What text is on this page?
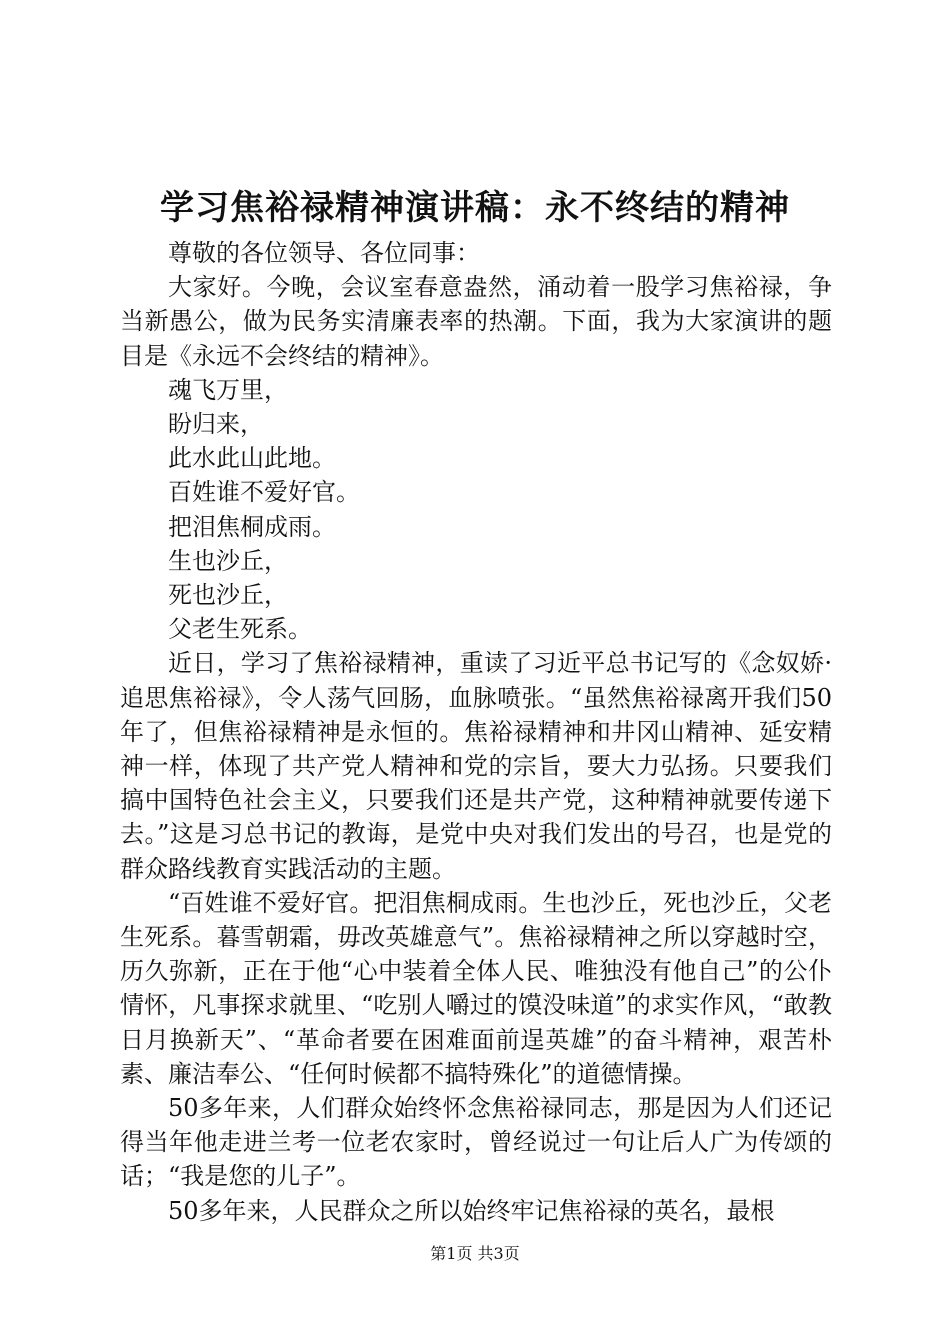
学习焦裕禄精神演讲稿：永不终结的精神

尊敬的各位领导、各位同事：

大家好。今晚，会议室春意盎然，涌动着一股学习焦裕禄，争当新愚公，做为民务实清廉表率的热潮。下面，我为大家演讲的题目是《永远不会终结的精神》。

魂飞万里，

盼归来，

此水此山此地。

百姓谁不爱好官。

把泪焦桐成雨。

生也沙丘，

死也沙丘，

父老生死系。

近日，学习了焦裕禄精神，重读了习近平总书记写的《念奴娇·追思焦裕禄》，令人荡气回肠，血脉喷张。“虽然焦裕禄离开我们50年了，但焦裕禄精神是永恒的。焦裕禄精神和井冈山精神、延安精神一样，体现了共产党人精神和党的宗旨，要大力弘扬。只要我们搞中国特色社会主义，只要我们还是共产党，这种精神就要传递下去。”这是习总书记的教诲，是党中央对我们发出的号召，也是党的群众路线教育实践活动的主题。

“百姓谁不爱好官。把泪焦桐成雨。生也沙丘，死也沙丘，父老生死系。暮雪朝霜，毋改英雄意气”。焦裕禄精神之所以穿越时空，历久弥新，正在于他“心中装着全体人民、唯独没有他自己”的公仆情怀，凡事探求就里、“吃别人嚼过的馍没味道”的求实作风，“敢教日月换新天”、“革命者要在困难面前逞英雄”的奋斗精神，艰苦朴素、廉洁奉公、“任何时候都不搞特殊化”的道德情操。

50多年来，人们群众始终怀念焦裕禄同志，那是因为人们还记得当年他走进兰考一位老农家时，曾经说过一句让后人广为传颂的话；“我是您的儿子”。

50多年来，人民群众之所以始终牢记焦裕禄的英名，最根

第1页 共3页
